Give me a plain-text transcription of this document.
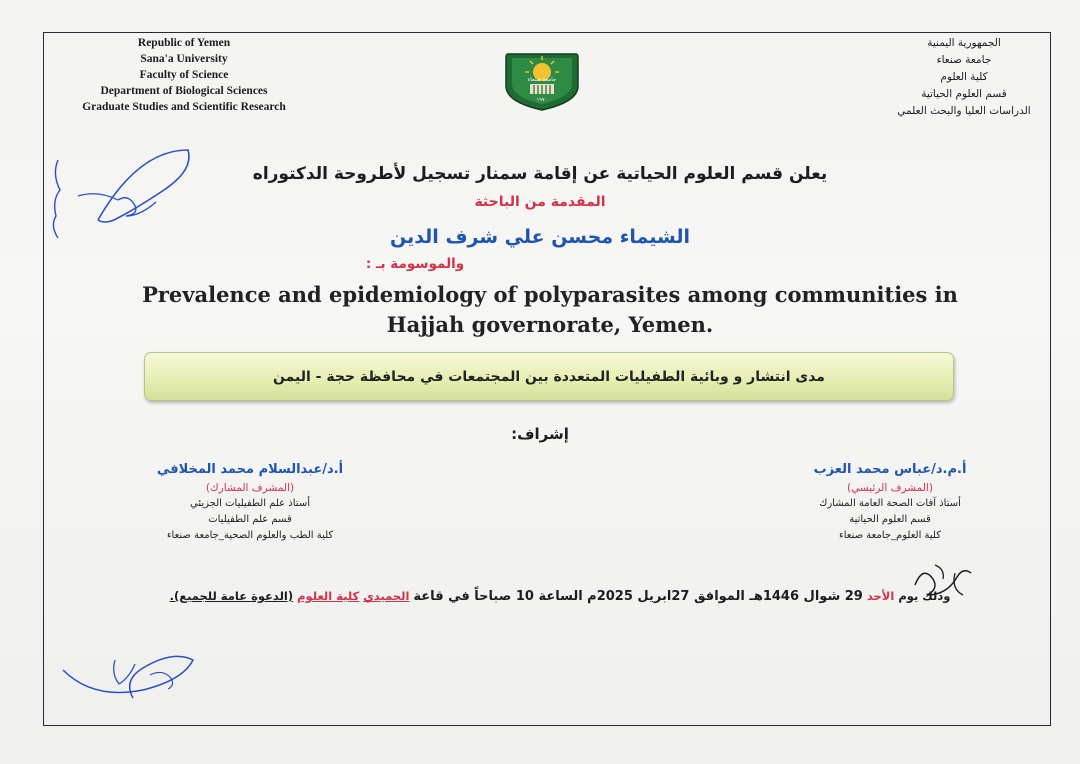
Republic of Yemen
Sana'a University
Faculty of Science
Department of Biological Sciences
Graduate Studies and Scientific Research
الجمهورية اليمنية
جامعة صنعاء
كلية العلوم
قسم العلوم الحياتية
الدراسات العليا والبحث العلمي
جامعة صنعاء
١٩٧٠
يعلن قسم العلوم الحياتية عن إقامة سمنار تسجيل لأطروحة الدكتوراه
المقدمة من الباحثة
الشيماء محسن علي شرف الدين
والموسومة بـ :
Prevalence and epidemiology of polyparasites among communities in Hajjah governorate, Yemen.
مدى انتشار و وبائية الطفيليات المتعددة بين المجتمعات في محافظة حجة - اليمن
إشراف:
أ.د/عبدالسلام محمد المخلافي
(المشرف المشارك)
أستاذ علم الطفيليات الجزيئي
قسم علم الطفيليات
كلية الطب والعلوم الصحية_جامعة صنعاء
أ.م.د/عباس محمد العزب
(المشرف الرئيسي)
أستاذ آفات الصحة العامة المشارك
قسم العلوم الحياتية
كلية العلوم_جامعة صنعاء
وذلك يوم الأحد 29 شوال 1446هـ الموافق 27ابريل 2025م الساعة 10 صباحاً في قاعة الحميدي كلية العلوم (الدعوة عامة للجميع).
